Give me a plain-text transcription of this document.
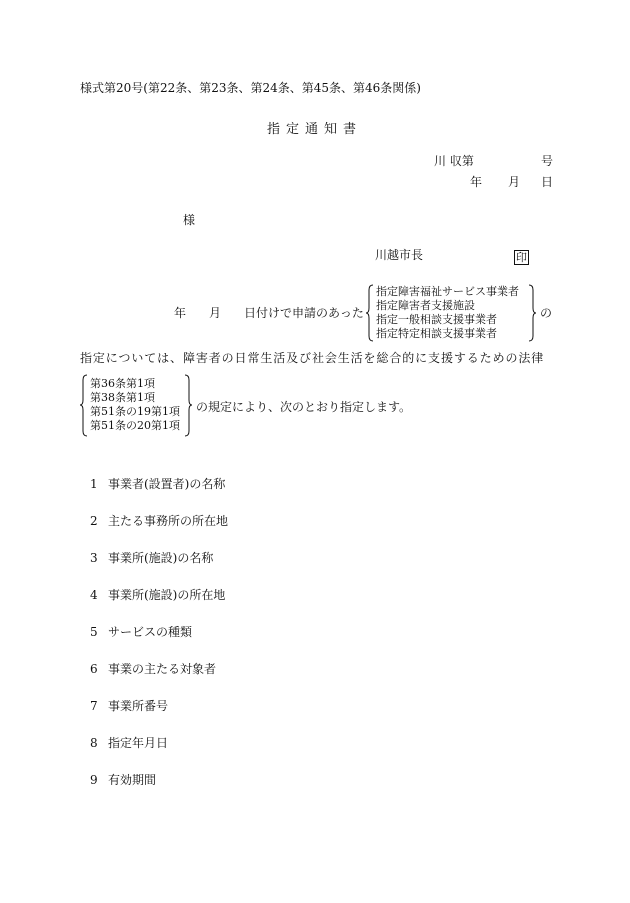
様式第20号(第22条、第23条、第24条、第45条、第46条関係)
指定通知書
川 収第	号
年 月 日
様
川越市長	印
年 月 日付けで申請のあった
指定障害福祉サービス事業者
指定障害者支援施設
指定一般相談支援事業者
指定特定相談支援事業者
の
指定については、障害者の日常生活及び社会生活を総合的に支援するための法律
第36条第1項
第38条第1項
第51条の19第1項
第51条の20第1項
の規定により、次のとおり指定します。
1 事業者(設置者)の名称
2 主たる事務所の所在地
3 事業所(施設)の名称
4 事業所(施設)の所在地
5 サービスの種類
6 事業の主たる対象者
7 事業所番号
8 指定年月日
9 有効期間
